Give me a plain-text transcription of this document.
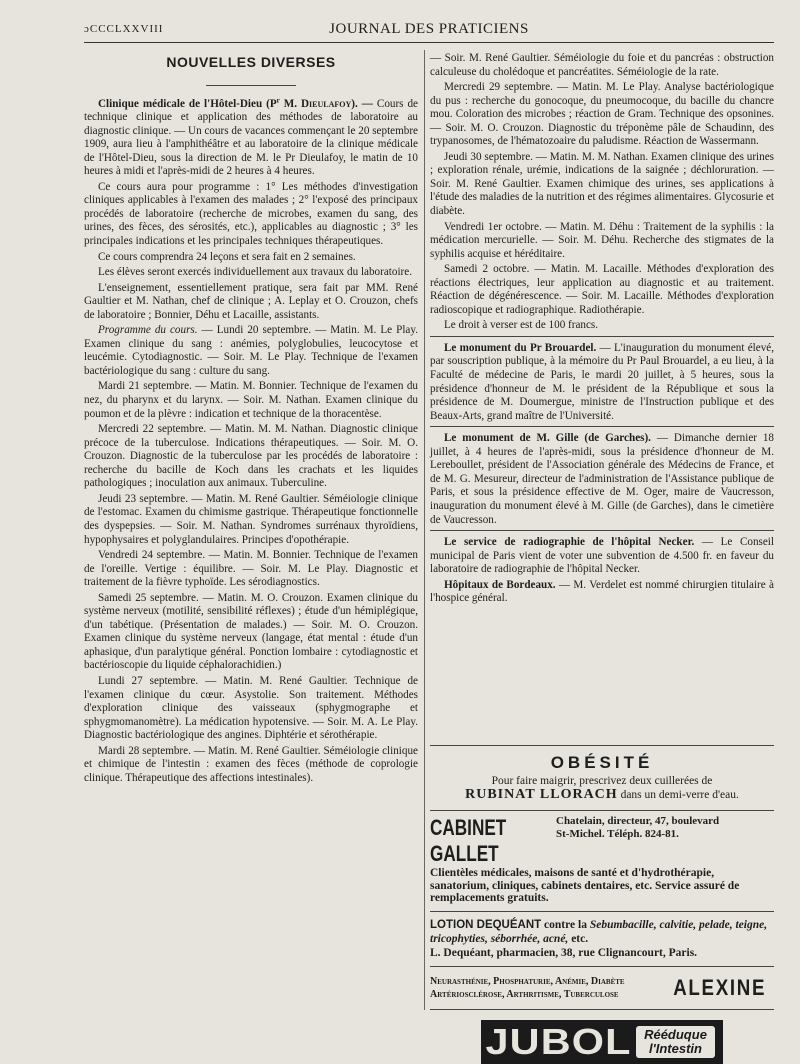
ɔCCCLXXVIII	JOURNAL DES PRATICIENS
NOUVELLES DIVERSES

Clinique médicale de l'Hôtel-Dieu ($P^r$ M. Dieulafoy). — Cours de technique clinique et application des méthodes de laboratoire au diagnostic clinique. — Un cours de vacances commençant le 20 septembre 1909, aura lieu à l'amphithéâtre et au laboratoire de la clinique médicale de l'Hôtel-Dieu, sous la direction de M. le Pr Dieulafoy, le matin de 10 heures à midi et l'après-midi de 2 heures à 4 heures.

Ce cours aura pour programme : 1° Les méthodes d'investigation cliniques applicables à l'examen des malades ; 2° l'exposé des principaux procédés de laboratoire (recherche de microbes, examen du sang, des urines, des fèces, des sérosités, etc.), applicables au diagnostic ; 3° les principales indications et les principales techniques thérapeutiques.

Ce cours comprendra 24 leçons et sera fait en 2 semaines.

Les élèves seront exercés individuellement aux travaux du laboratoire.

L'enseignement, essentiellement pratique, sera fait par MM. René Gaultier et M. Nathan, chef de clinique ; A. Leplay et O. Crouzon, chefs de laboratoire ; Bonnier, Déhu et Lacaille, assistants.

Programme du cours. — Lundi 20 septembre. — Matin. M. Le Play. Examen clinique du sang : anémies, polyglobulies, leucocytose et leucémie. Cytodiagnostic. — Soir. M. Le Play. Technique de l'examen bactériologique du sang : culture du sang.

Mardi 21 septembre. — Matin. M. Bonnier. Technique de l'examen du nez, du pharynx et du larynx. — Soir. M. Nathan. Examen clinique du poumon et de la plèvre : indication et technique de la thoracentèse.

Mercredi 22 septembre. — Matin. M. M. Nathan. Diagnostic clinique précoce de la tuberculose. Indications thérapeutiques. — Soir. M. O. Crouzon. Diagnostic de la tuberculose par les procédés de laboratoire : recherche du bacille de Koch dans les crachats et les liquides pathologiques ; inoculation aux animaux. Tuberculine.

Jeudi 23 septembre. — Matin. M. René Gaultier. Séméiologie clinique de l'estomac. Examen du chimisme gastrique. Thérapeutique fonctionnelle des dyspepsies. — Soir. M. Nathan. Syndromes surrénaux thyroïdiens, hypophysaires et polyglandulaires. Principes d'opothérapie.

Vendredi 24 septembre. — Matin. M. Bonnier. Technique de l'examen de l'oreille. Vertige : équilibre. — Soir. M. Le Play. Diagnostic et traitement de la fièvre typhoïde. Les sérodiagnostics.

Samedi 25 septembre. — Matin. M. O. Crouzon. Examen clinique du système nerveux (motilité, sensibilité réflexes) ; étude d'un hémiplégique, d'un tabétique. (Présentation de malades.) — Soir. M. O. Crouzon. Examen clinique du système nerveux (langage, état mental : étude d'un aphasique, d'un paralytique général. Ponction lombaire : cytodiagnostic et bactérioscopie du liquide céphalorachidien.)

Lundi 27 septembre. — Matin. M. René Gaultier. Technique de l'examen clinique du cœur. Asystolie. Son traitement. Méthodes d'exploration clinique des vaisseaux (sphygmographe et sphygmomanomètre). La médication hypotensive. — Soir. M. A. Le Play. Diagnostic bactériologique des angines. Diphtérie et sérothérapie.

Mardi 28 septembre. — Matin. M. René Gaultier. Séméiologie clinique et chimique de l'intestin : examen des fèces (méthode de coprologie clinique. Thérapeutique des affections intestinales).

— Soir. M. René Gaultier. Séméiologie du foie et du pancréas : obstruction calculeuse du cholédoque et pancréatites. Séméiologie de la rate.

Mercredi 29 septembre. — Matin. M. Le Play. Analyse bactériologique du pus : recherche du gonocoque, du pneumocoque, du bacille du chancre mou. Coloration des microbes ; réaction de Gram. Technique des opsonines. — Soir. M. O. Crouzon. Diagnostic du tréponème pâle de Schaudinn, des trypanosomes, de l'hématozoaire du paludisme. Réaction de Wassermann.

Jeudi 30 septembre. — Matin. M. M. Nathan. Examen clinique des urines ; exploration rénale, urémie, indications de la saignée ; déchloruration. — Soir. M. René Gaultier. Examen chimique des urines, ses applications à l'étude des maladies de la nutrition et des régimes alimentaires. Glycosurie et diabète.

Vendredi 1er octobre. — Matin. M. Déhu : Traitement de la syphilis : la médication mercurielle. — Soir. M. Déhu. Recherche des stigmates de la syphilis acquise et héréditaire.

Samedi 2 octobre. — Matin. M. Lacaille. Méthodes d'exploration des réactions électriques, leur application au diagnostic et au traitement. Réaction de dégénérescence. — Soir. M. Lacaille. Méthodes d'exploration radioscopique et radiographique. Radiothérapie.

Le droit à verser est de 100 francs.

Le monument du Pr Brouardel. — L'inauguration du monument élevé, par souscription publique, à la mémoire du Pr Paul Brouardel, a eu lieu, à la Faculté de médecine de Paris, le mardi 20 juillet, à 5 heures, sous la présidence d'honneur de M. le président de la République et sous la présidence de M. Doumergue, ministre de l'Instruction publique et des Beaux-Arts, grand maître de l'Université.

Le monument de M. Gille (de Garches). — Dimanche dernier 18 juillet, à 4 heures de l'après-midi, sous la présidence d'honneur de M. Lereboullet, président de l'Association générale des Médecins de France, et de M. G. Mesureur, directeur de l'administration de l'Assistance publique de Paris, et sous la présidence effective de M. Oger, maire de Vaucresson, inauguration du monument élevé à M. Gille (de Garches), dans le cimetière de Vaucresson.

Le service de radiographie de l'hôpital Necker. — Le Conseil municipal de Paris vient de voter une subvention de 4.500 fr. en faveur du laboratoire de radiographie de l'hôpital Necker.

Hôpitaux de Bordeaux. — M. Verdelet est nommé chirurgien titulaire à l'hospice général.

OBÉSITÉ
Pour faire maigrir, prescrivez deux cuillerées de
RUBINAT LLORACH dans un demi-verre d'eau.
CABINET GALLET
Chatelain, directeur, 47, boulevard
St-Michel. Téléph. 824-81.
Clientèles médicales, maisons de santé et d'hydrothérapie, sanatorium, cliniques, cabinets dentaires, etc. Service assuré de remplacements gratuits.
LOTION DEQUÉANT contre la Sebumbacille, calvitie, pelade, teigne, tricophyties, séborrhée, acné, etc.
L. Dequéant, pharmacien, 38, rue Clignancourt, Paris.
Neurasthénie, Phosphaturie, Anémie, Diabète
Artériosclérose, Arthritisme, Tuberculose ALEXINE
JUBOL Rééduque
l'Intestin
